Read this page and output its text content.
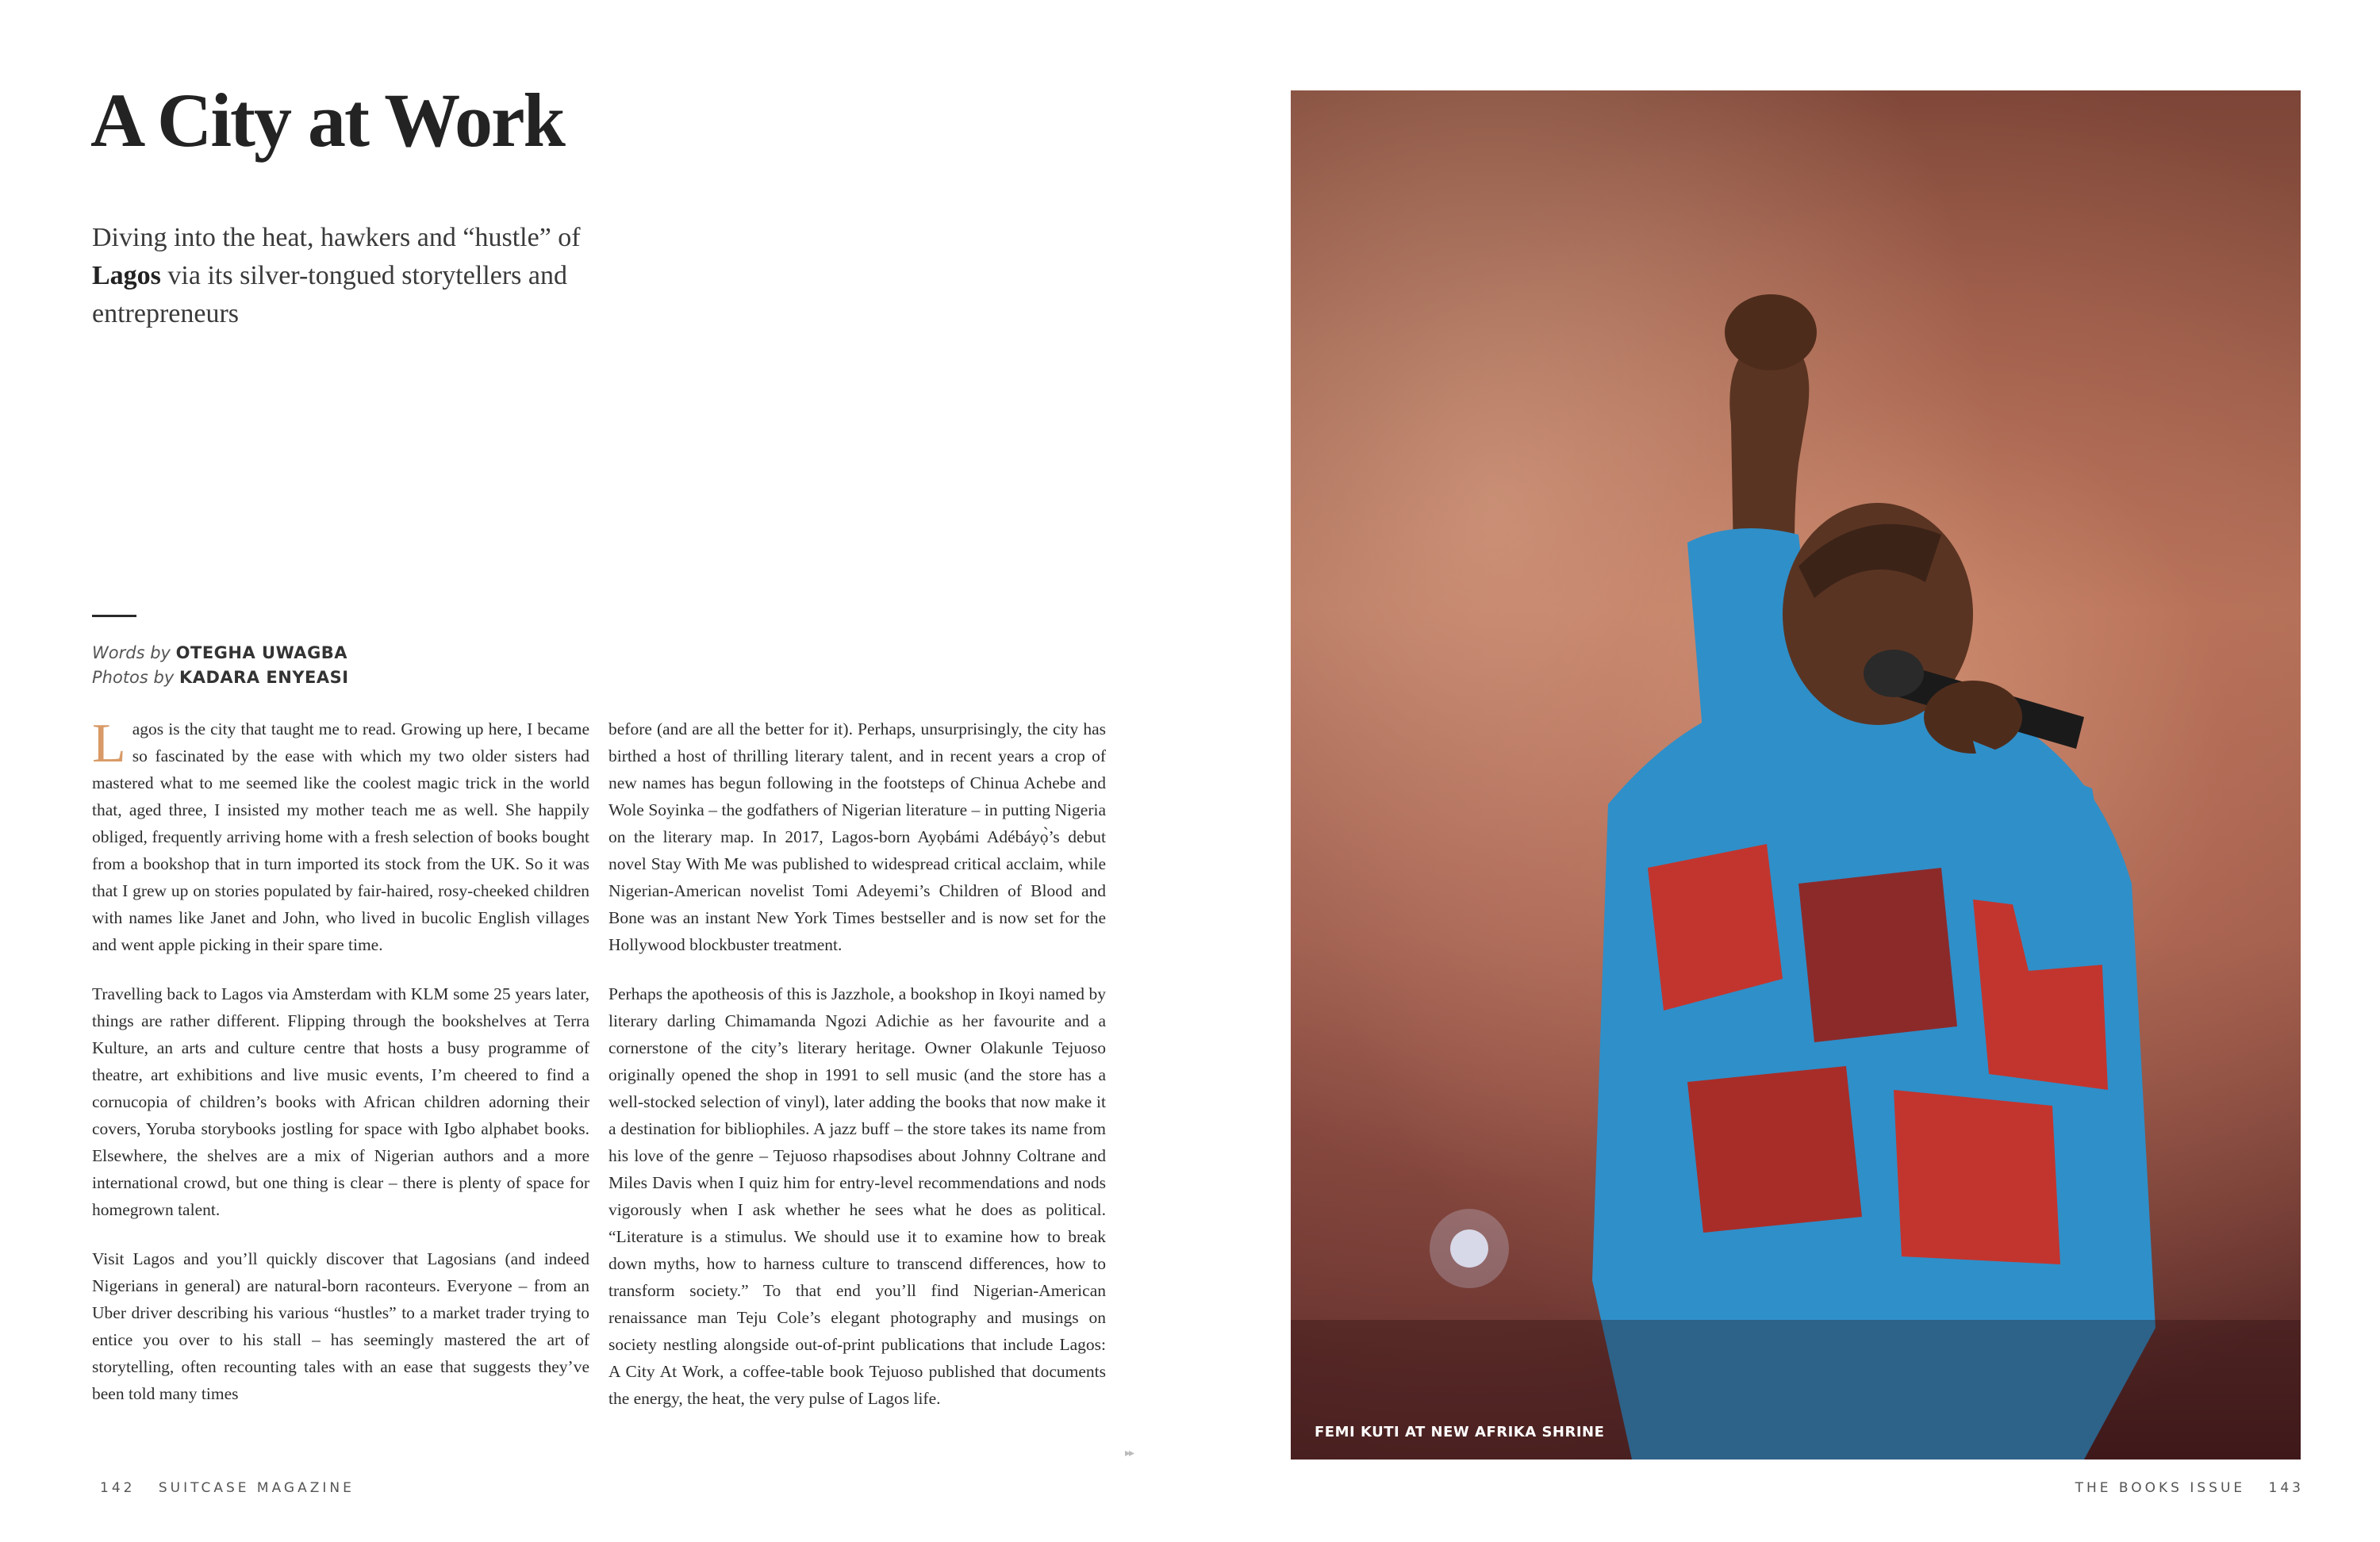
A City at Work

Diving into the heat, hawkers and “hustle” of Lagos via its silver-tongued storytellers and entrepreneurs

Words by OTEGHA UWAGBA
Photos by KADARA ENYEASI

Lagos is the city that taught me to read. Growing up here, I became so fascinated by the ease with which my two older sisters had mastered what to me seemed like the coolest magic trick in the world that, aged three, I insisted my mother teach me as well. She happily obliged, frequently arriving home with a fresh selection of books bought from a bookshop that in turn imported its stock from the UK. So it was that I grew up on stories populated by fair-haired, rosy-cheeked children with names like Janet and John, who lived in bucolic English villages and went apple picking in their spare time.

Travelling back to Lagos via Amsterdam with KLM some 25 years later, things are rather different. Flipping through the bookshelves at Terra Kulture, an arts and culture centre that hosts a busy programme of theatre, art exhibitions and live music events, I’m cheered to find a cornucopia of children’s books with African children adorning their covers, Yoruba storybooks jostling for space with Igbo alphabet books. Elsewhere, the shelves are a mix of Nigerian authors and a more international crowd, but one thing is clear – there is plenty of space for homegrown talent.

Visit Lagos and you’ll quickly discover that Lagosians (and indeed Nigerians in general) are natural-born raconteurs. Everyone – from an Uber driver describing his various “hustles” to a market trader trying to entice you over to his stall – has seemingly mastered the art of storytelling, often recounting tales with an ease that suggests they’ve been told many times

before (and are all the better for it). Perhaps, unsurprisingly, the city has birthed a host of thrilling literary talent, and in recent years a crop of new names has begun following in the footsteps of Chinua Achebe and Wole Soyinka – the godfathers of Nigerian literature – in putting Nigeria on the literary map. In 2017, Lagos-born Ayọbámi Adébáyọ̀’s debut novel Stay With Me was published to widespread critical acclaim, while Nigerian-American novelist Tomi Adeyemi’s Children of Blood and Bone was an instant New York Times bestseller and is now set for the Hollywood blockbuster treatment.

Perhaps the apotheosis of this is Jazzhole, a bookshop in Ikoyi named by literary darling Chimamanda Ngozi Adichie as her favourite and a cornerstone of the city’s literary heritage. Owner Olakunle Tejuoso originally opened the shop in 1991 to sell music (and the store has a well-stocked selection of vinyl), later adding the books that now make it a destination for bibliophiles. A jazz buff – the store takes its name from his love of the genre – Tejuoso rhapsodises about Johnny Coltrane and Miles Davis when I quiz him for entry-level recommendations and nods vigorously when I ask whether he sees what he does as political. “Literature is a stimulus. We should use it to examine how to break down myths, how to harness culture to transcend differences, how to transform society.” To that end you’ll find Nigerian-American renaissance man Teju Cole’s elegant photography and musings on society nestling alongside out-of-print publications that include Lagos: A City At Work, a coffee-table book Tejuoso published that documents the energy, the heat, the very pulse of Lagos life.

▸▸
142 SUITCASE MAGAZINE
FEMI KUTI AT NEW AFRIKA SHRINE
THE BOOKS ISSUE 143
